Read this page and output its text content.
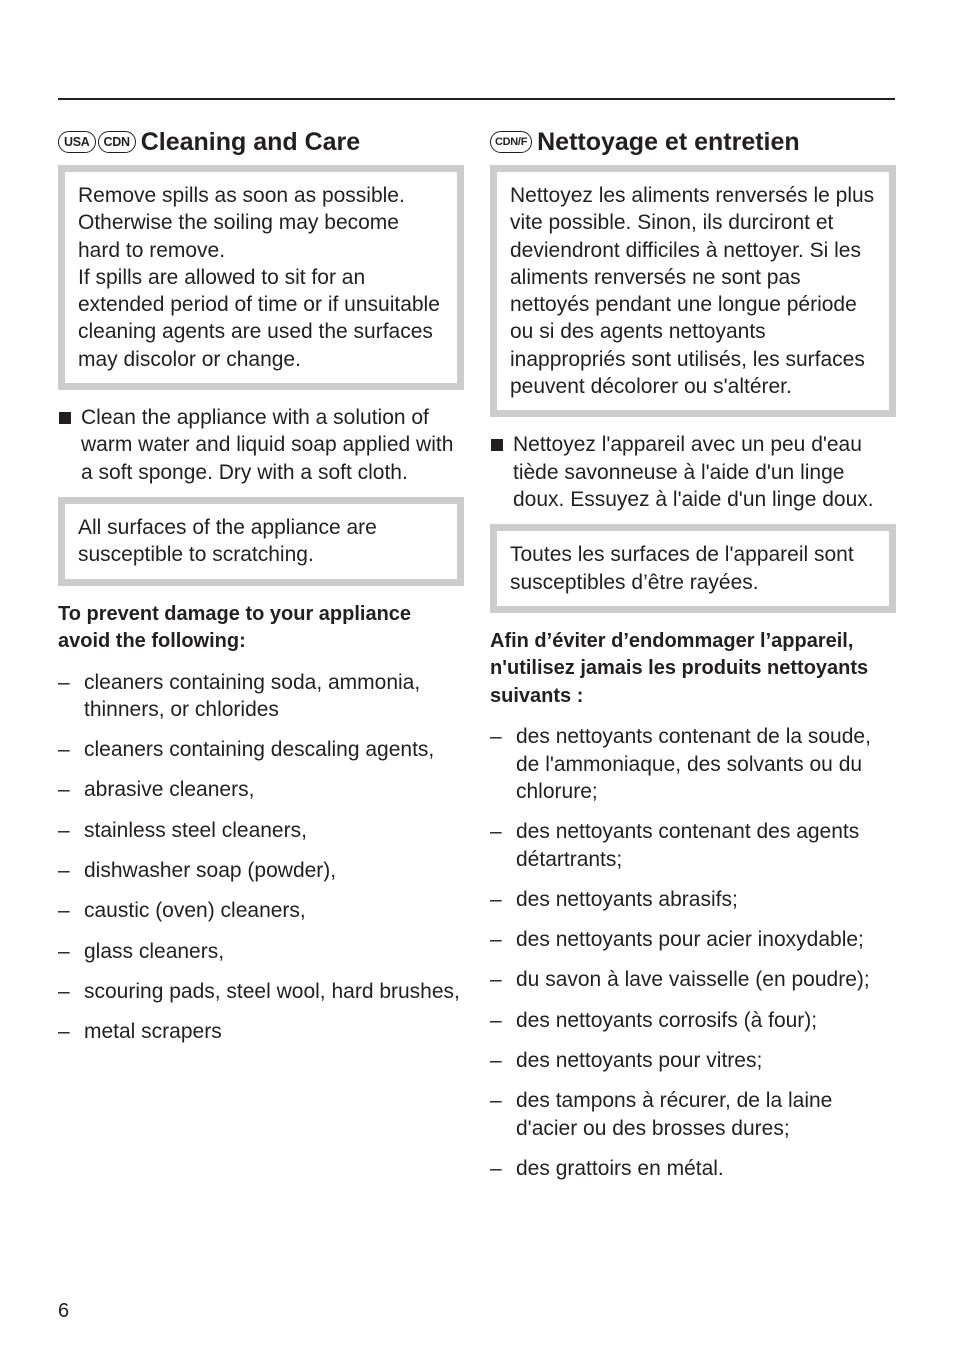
USA	CDN Cleaning and Care

Remove spills as soon as possible. Otherwise the soiling may become hard to remove.

If spills are allowed to sit for an extended period of time or if unsuitable cleaning agents are used the surfaces may discolor or change.

Clean the appliance with a solution of warm water and liquid soap applied with a soft sponge. Dry with a soft cloth.

All surfaces of the appliance are susceptible to scratching.

To prevent damage to your appliance avoid the following:

– cleaners containing soda, ammonia, thinners, or chlorides
– cleaners containing descaling agents,
– abrasive cleaners,
– stainless steel cleaners,
– dishwasher soap (powder),
– caustic (oven) cleaners,
– glass cleaners,
– scouring pads, steel wool, hard brushes,
– metal scrapers
CDN/F Nettoyage et entretien

Nettoyez les aliments renversés le plus vite possible. Sinon, ils durciront et deviendront difficiles à nettoyer. Si les aliments renversés ne sont pas nettoyés pendant une longue période ou si des agents nettoyants inappropriés sont utilisés, les surfaces peuvent décolorer ou s'altérer.

Nettoyez l'appareil avec un peu d'eau tiède savonneuse à l'aide d'un linge doux. Essuyez à l'aide d'un linge doux.

Toutes les surfaces de l'appareil sont susceptibles d’être rayées.

Afin d’éviter d’endommager l’appareil, n'utilisez jamais les produits nettoyants suivants :

– des nettoyants contenant de la soude, de l'ammoniaque, des solvants ou du chlorure;
– des nettoyants contenant des agents détartrants;
– des nettoyants abrasifs;
– des nettoyants pour acier inoxydable;
– du savon à lave vaisselle (en poudre);
– des nettoyants corrosifs (à four);
– des nettoyants pour vitres;
– des tampons à récurer, de la laine d'acier ou des brosses dures;
– des grattoirs en métal.
6
